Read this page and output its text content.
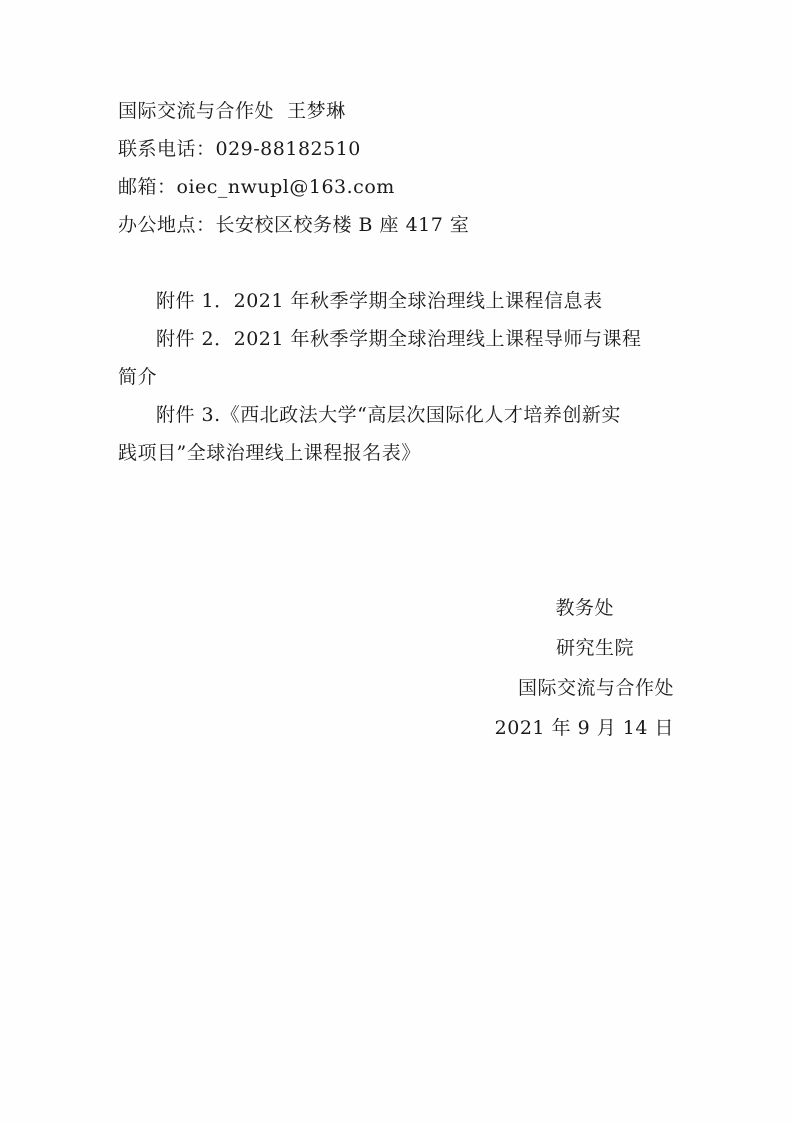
国际交流与合作处  王梦琳
联系电话：029-88182510
邮箱：oiec_nwupl@163.com
办公地点：长安校区校务楼 B 座 417 室
附件 1．2021 年秋季学期全球治理线上课程信息表
附件 2．2021 年秋季学期全球治理线上课程导师与课程
简介
附件 3.《西北政法大学“高层次国际化人才培养创新实
践项目”全球治理线上课程报名表》
教务处
研究生院
国际交流与合作处
2021 年 9 月 14 日
